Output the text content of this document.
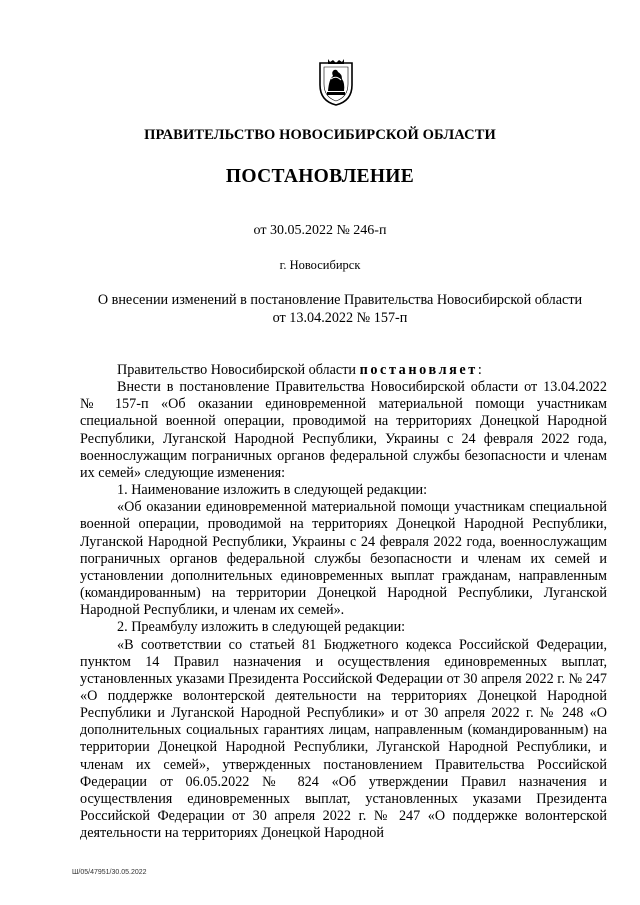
ПРАВИТЕЛЬСТВО НОВОСИБИРСКОЙ ОБЛАСТИ
ПОСТАНОВЛЕНИЕ
от 30.05.2022 № 246-п
г. Новосибирск
О внесении изменений в постановление Правительства Новосибирской области
от 13.04.2022 № 157-п

Правительство Новосибирской области постановляет:

Внести в постановление Правительства Новосибирской области от 13.04.2022 № 157-п «Об оказании единовременной материальной помощи участникам специальной военной операции, проводимой на территориях Донецкой Народной Республики, Луганской Народной Республики, Украины с 24 февраля 2022 года, военнослужащим пограничных органов федеральной службы безопасности и членам их семей» следующие изменения:

1. Наименование изложить в следующей редакции:

«Об оказании единовременной материальной помощи участникам специальной военной операции, проводимой на территориях Донецкой Народной Республики, Луганской Народной Республики, Украины с 24 февраля 2022 года, военнослужащим пограничных органов федеральной службы безопасности и членам их семей и установлении дополнительных единовременных выплат гражданам, направленным (командированным) на территории Донецкой Народной Республики, Луганской Народной Республики, и членам их семей».

2. Преамбулу изложить в следующей редакции:

«В соответствии со статьей 81 Бюджетного кодекса Российской Федерации, пунктом 14 Правил назначения и осуществления единовременных выплат, установленных указами Президента Российской Федерации от 30 апреля 2022 г. № 247 «О поддержке волонтерской деятельности на территориях Донецкой Народной Республики и Луганской Народной Республики» и от 30 апреля 2022 г. № 248 «О дополнительных социальных гарантиях лицам, направленным (командированным) на территории Донецкой Народной Республики, Луганской Народной Республики, и членам их семей», утвержденных постановлением Правительства Российской Федерации от 06.05.2022 № 824 «Об утверждении Правил назначения и осуществления единовременных выплат, установленных указами Президента Российской Федерации от 30 апреля 2022 г. № 247 «О поддержке волонтерской деятельности на территориях Донецкой Народной

Ш/05/47951/30.05.2022
